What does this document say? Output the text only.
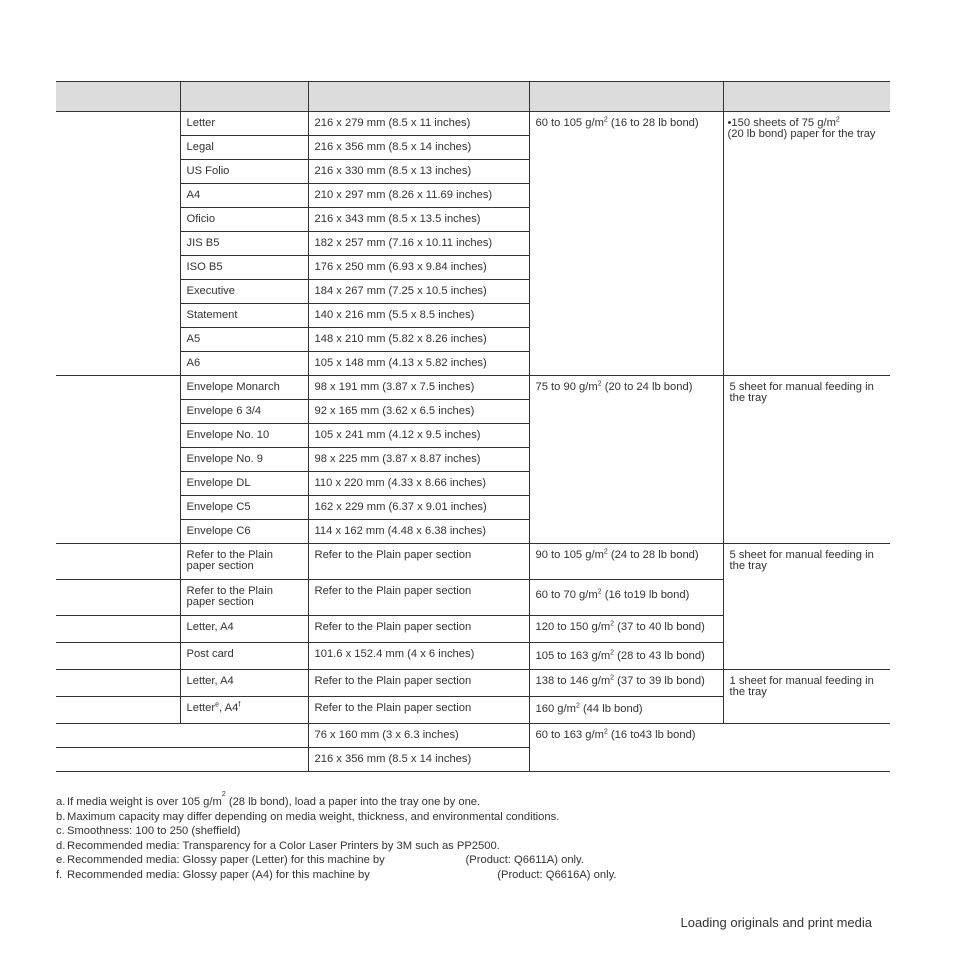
	Letter	216 x 279 mm (8.5 x 11 inches)	60 to 105 $g/m^2$ (16 to 28 lb bond)	•150 sheets of 75 $g/m^2$
(20 lb bond) paper for the tray

	Legal	216 x 356 mm (8.5 x 14 inches)		

	US Folio	216 x 330 mm (8.5 x 13 inches)		

	A4	210 x 297 mm (8.26 x 11.69 inches)		

	Oficio	216 x 343 mm (8.5 x 13.5 inches)		

	JIS B5	182 x 257 mm (7.16 x 10.11 inches)		

	ISO B5	176 x 250 mm (6.93 x 9.84 inches)		

	Executive	184 x 267 mm (7.25 x 10.5 inches)		

	Statement	140 x 216 mm (5.5 x 8.5 inches)		

	A5	148 x 210 mm (5.82 x 8.26 inches)		

	A6	105 x 148 mm (4.13 x 5.82 inches)		

	Envelope Monarch	98 x 191 mm (3.87 x 7.5 inches)	75 to 90 $g/m^2$ (20 to 24 lb bond)	5 sheet for manual feeding in the tray

	Envelope 6 3/4	92 x 165 mm (3.62 x 6.5 inches)		

	Envelope No. 10	105 x 241 mm (4.12 x 9.5 inches)		

	Envelope No. 9	98 x 225 mm (3.87 x 8.87 inches)		

	Envelope DL	110 x 220 mm (4.33 x 8.66 inches)		

	Envelope C5	162 x 229 mm (6.37 x 9.01 inches)		

	Envelope C6	114 x 162 mm (4.48 x 6.38 inches)		

	Refer to the Plain paper section	Refer to the Plain paper section	90 to 105 $g/m^2$ (24 to 28 lb bond)	5 sheet for manual feeding in the tray

	Refer to the Plain paper section	Refer to the Plain paper section	60 to 70 $g/m^2$ (16 to19 lb bond)	

	Letter, A4	Refer to the Plain paper section	120 to 150 $g/m^2$ (37 to 40 lb bond)	

	Post card	101.6 x 152.4 mm (4 x 6 inches)	105 to 163 $g/m^2$ (28 to 43 lb bond)	

	Letter, A4	Refer to the Plain paper section	138 to 146 $g/m^2$ (37 to 39 lb bond)	1 sheet for manual feeding in the tray

	Letter$^e$, A4$^f$	Refer to the Plain paper section	160 $g/m^2$ (44 lb bond)	

		76 x 160 mm (3 x 6.3 inches)	60 to 163 $g/m^2$ (16 to43 lb bond)	

		216 x 356 mm (8.5 x 14 inches)		
a. If media weight is over 105 g/m
2
(28 lb bond), load a paper into the tray one by one.
b. Maximum capacity may differ depending on media weight, thickness, and environmental conditions.
c. Smoothness: 100 to 250 (sheffield)
d. Recommended media: Transparency for a Color Laser Printers by 3M such as PP2500.
e. Recommended media: Glossy paper (Letter) for this machine by                          (Product: Q6611A) only.
f. Recommended media: Glossy paper (A4) for this machine by                                         (Product: Q6616A) only.
Loading originals and print media
